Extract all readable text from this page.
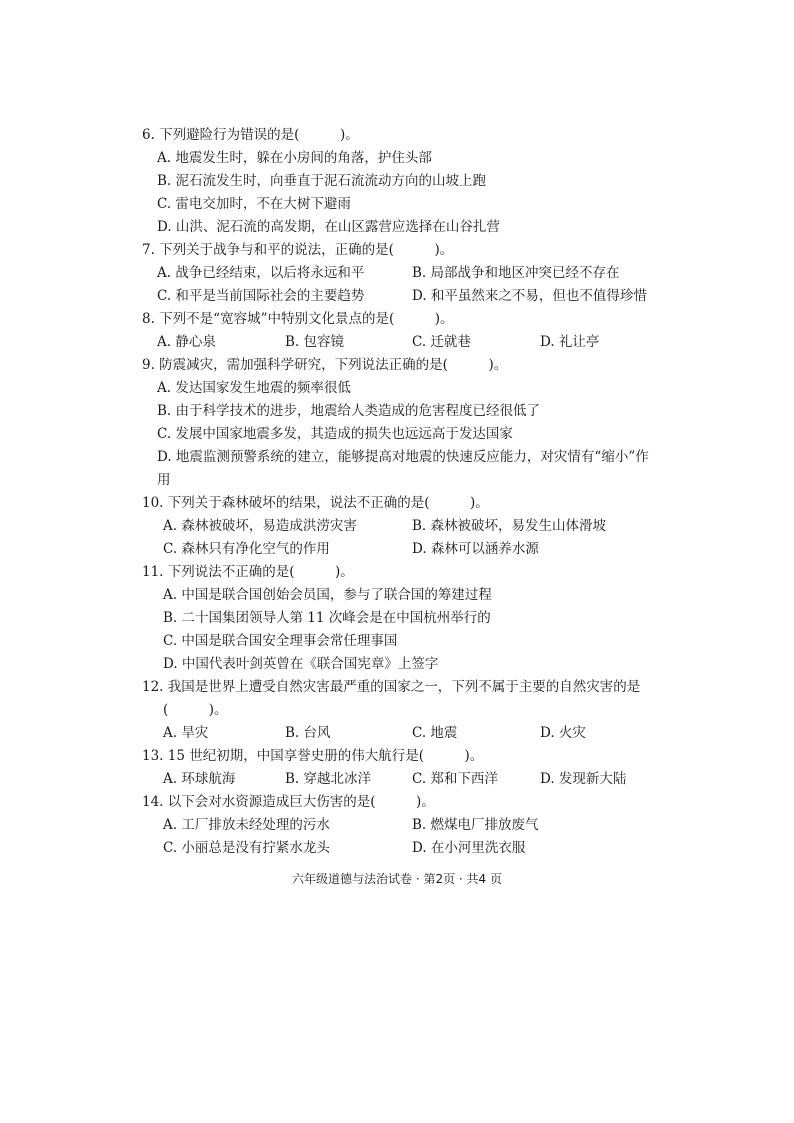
6. 下列避险行为错误的是(　　　)。
A. 地震发生时，躲在小房间的角落，护住头部
B. 泥石流发生时，向垂直于泥石流流动方向的山坡上跑
C. 雷电交加时，不在大树下避雨
D. 山洪、泥石流的高发期，在山区露营应选择在山谷扎营
7. 下列关于战争与和平的说法，正确的是(　　　)。
A. 战争已经结束，以后将永远和平	B. 局部战争和地区冲突已经不存在
C. 和平是当前国际社会的主要趋势	D. 和平虽然来之不易，但也不值得珍惜
8. 下列不是“宽容城”中特别文化景点的是(　　　)。
A. 静心泉	B. 包容镜	C. 迁就巷	D. 礼让亭
9. 防震减灾，需加强科学研究，下列说法正确的是(　　　)。
A. 发达国家发生地震的频率很低
B. 由于科学技术的进步，地震给人类造成的危害程度已经很低了
C. 发展中国家地震多发，其造成的损失也远远高于发达国家
D. 地震监测预警系统的建立，能够提高对地震的快速反应能力，对灾情有“缩小”作
用
10. 下列关于森林破坏的结果，说法不正确的是(　　　)。
A. 森林被破坏，易造成洪涝灾害	B. 森林被破坏，易发生山体滑坡
C. 森林只有净化空气的作用	D. 森林可以涵养水源
11. 下列说法不正确的是(　　　)。
A. 中国是联合国创始会员国，参与了联合国的筹建过程
B. 二十国集团领导人第 11 次峰会是在中国杭州举行的
C. 中国是联合国安全理事会常任理事国
D. 中国代表叶剑英曾在《联合国宪章》上签字
12. 我国是世界上遭受自然灾害最严重的国家之一，下列不属于主要的自然灾害的是
(　　　)。
A. 旱灾	B. 台风	C. 地震	D. 火灾
13. 15 世纪初期，中国享誉史册的伟大航行是(　　　)。
A. 环球航海	B. 穿越北冰洋	C. 郑和下西洋	D. 发现新大陆
14. 以下会对水资源造成巨大伤害的是(　　　)。
A. 工厂排放未经处理的污水	B. 燃煤电厂排放废气
C. 小丽总是没有拧紧水龙头	D. 在小河里洗衣服
六年级道德与法治试卷 · 第2页 · 共4 页
